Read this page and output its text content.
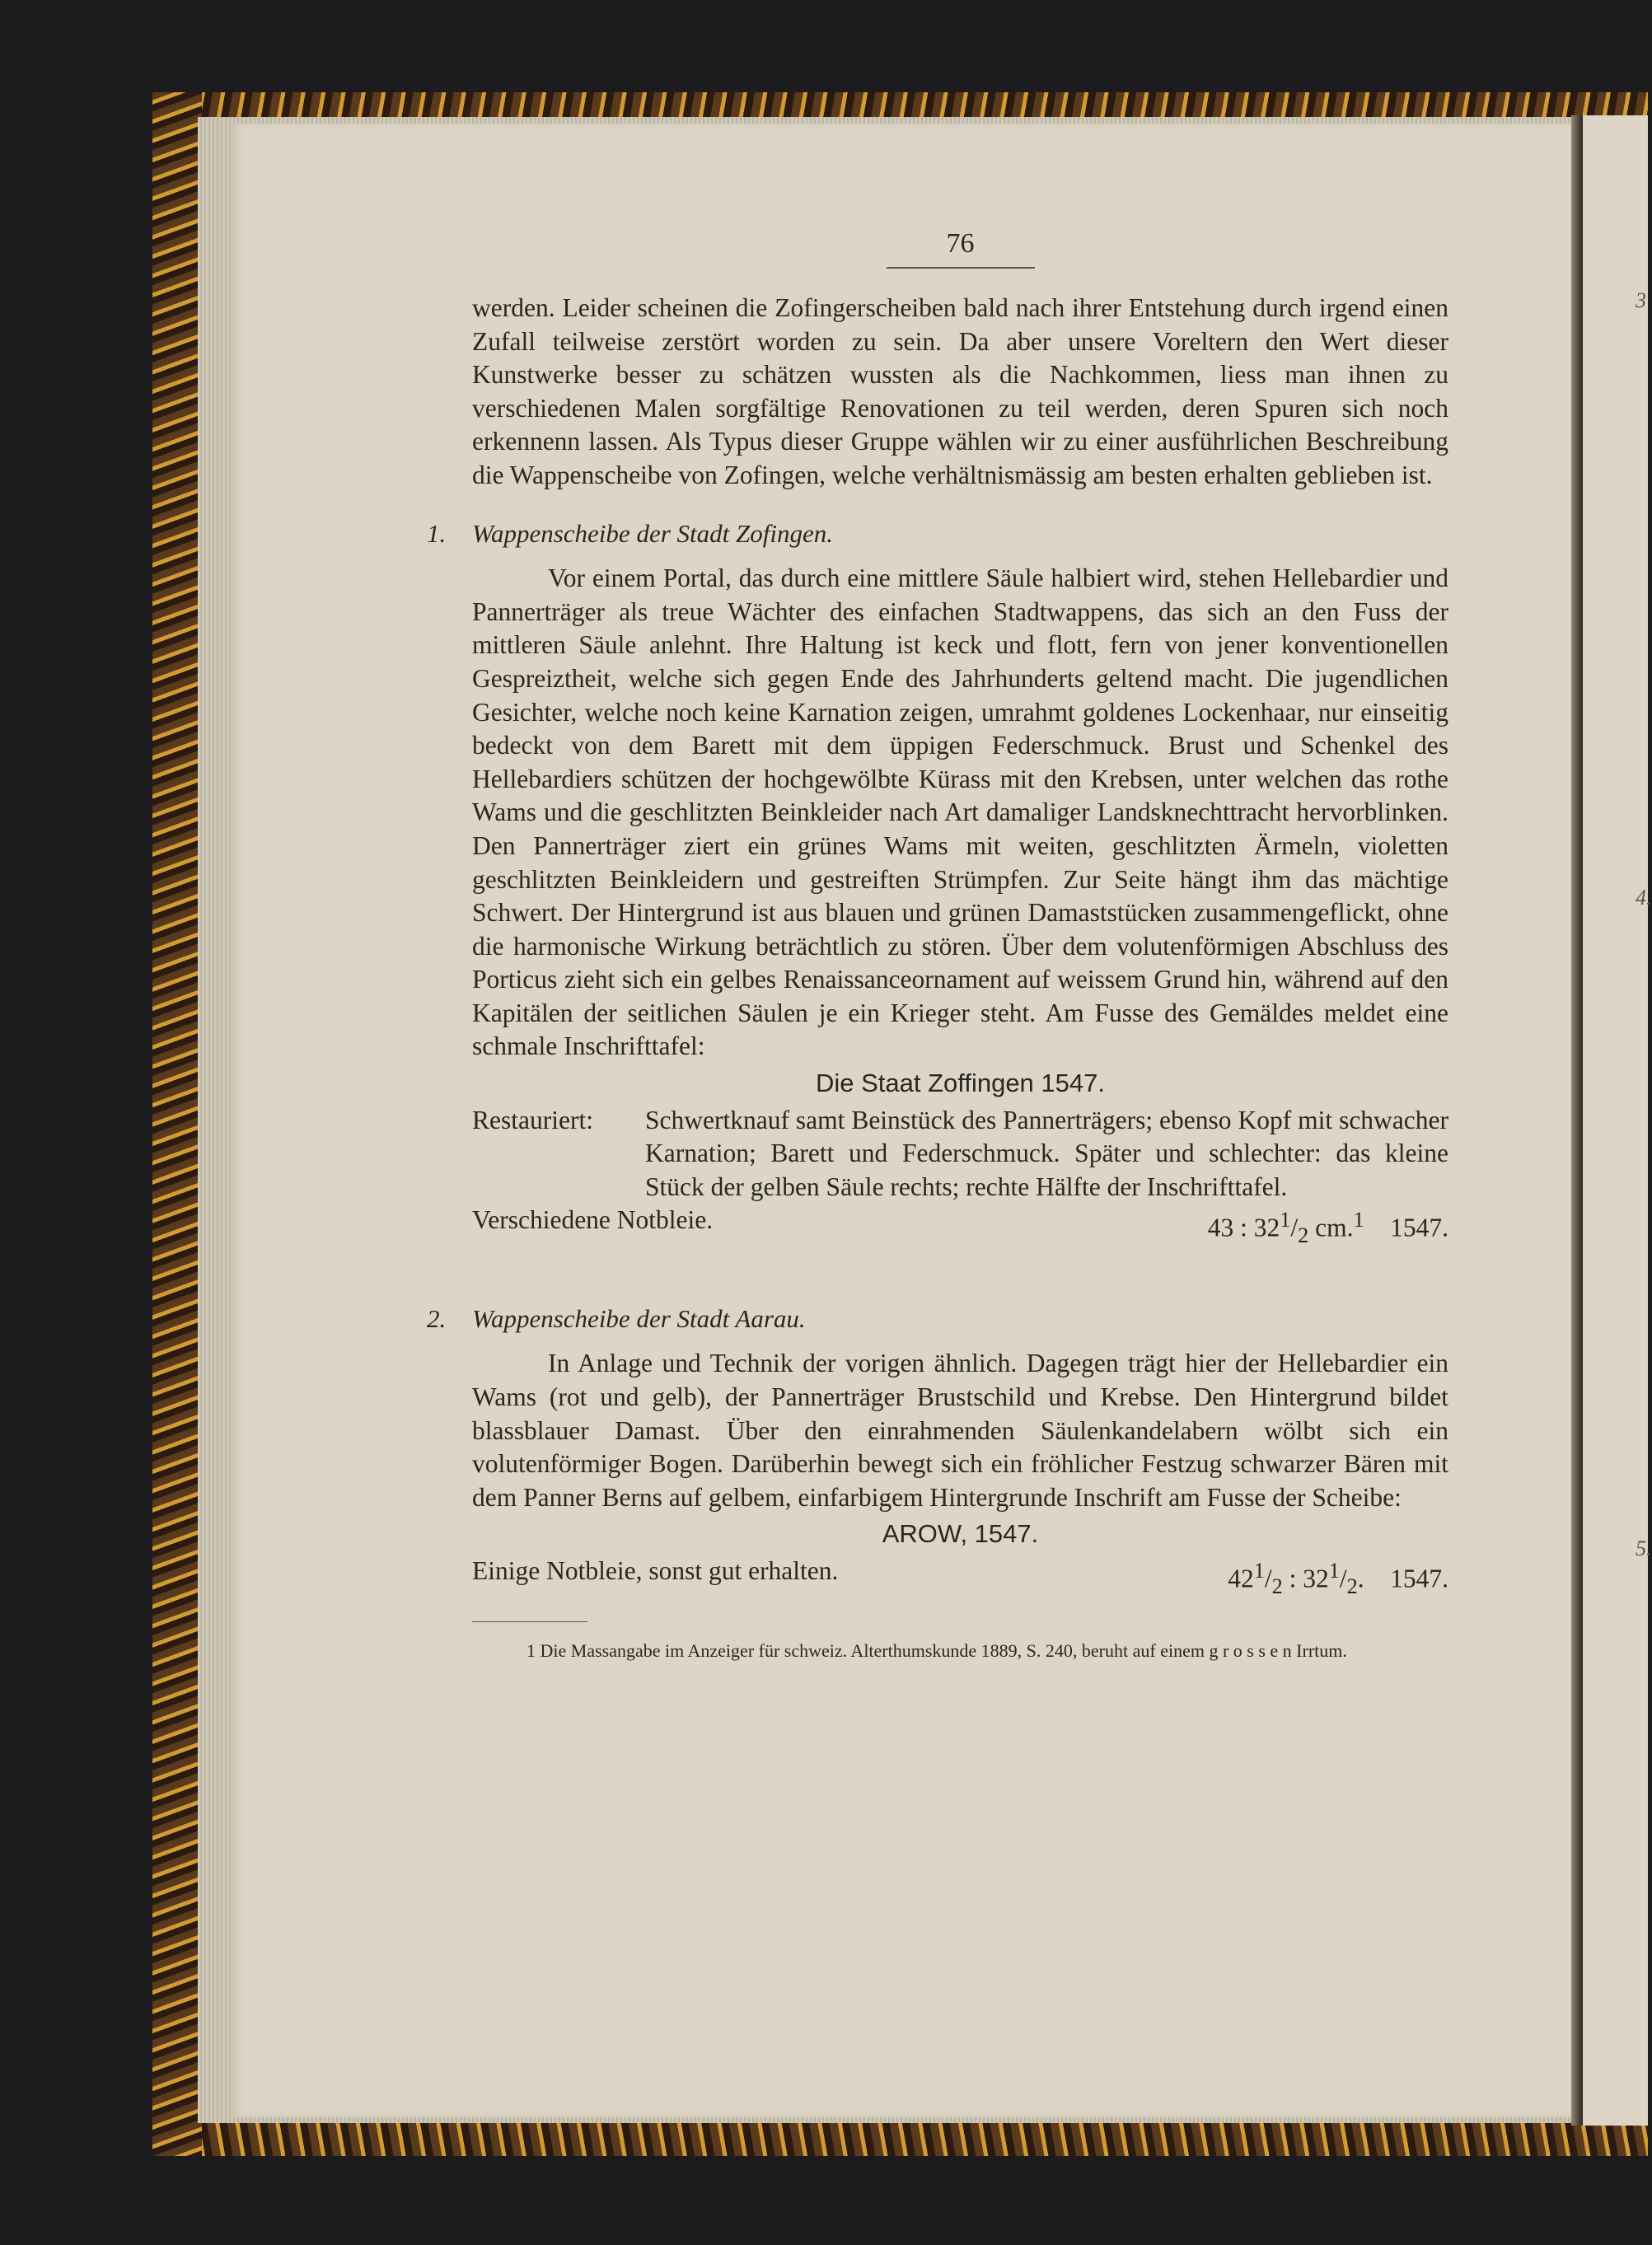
3
4.
5.
76

werden. Leider scheinen die Zofingerscheiben bald nach ihrer Entstehung durch irgend einen Zufall teilweise zerstört worden zu sein. Da aber unsere Voreltern den Wert dieser Kunstwerke besser zu schätzen wussten als die Nachkommen, liess man ihnen zu verschiedenen Malen sorgfältige Renovationen zu teil werden, deren Spuren sich noch erkennenn lassen. Als Typus dieser Gruppe wählen wir zu einer ausführlichen Beschreibung die Wappenscheibe von Zofingen, welche verhältnismässig am besten erhalten geblieben ist.

1. Wappenscheibe der Stadt Zofingen.

Vor einem Portal, das durch eine mittlere Säule halbiert wird, stehen Hellebardier und Pannerträger als treue Wächter des einfachen Stadtwappens, das sich an den Fuss der mittleren Säule anlehnt. Ihre Haltung ist keck und flott, fern von jener konventionellen Gespreiztheit, welche sich gegen Ende des Jahrhunderts geltend macht. Die jugendlichen Gesichter, welche noch keine Karnation zeigen, umrahmt goldenes Lockenhaar, nur einseitig bedeckt von dem Barett mit dem üppigen Federschmuck. Brust und Schenkel des Hellebardiers schützen der hochgewölbte Kürass mit den Krebsen, unter welchen das rothe Wams und die geschlitzten Beinkleider nach Art damaliger Landsknechttracht hervorblinken. Den Pannerträger ziert ein grünes Wams mit weiten, geschlitzten Ärmeln, violetten geschlitzten Beinkleidern und gestreiften Strümpfen. Zur Seite hängt ihm das mächtige Schwert. Der Hintergrund ist aus blauen und grünen Damaststücken zusammengeflickt, ohne die harmonische Wirkung beträchtlich zu stören. Über dem volutenförmigen Abschluss des Porticus zieht sich ein gelbes Renaissanceornament auf weissem Grund hin, während auf den Kapitälen der seitlichen Säulen je ein Krieger steht. Am Fusse des Gemäldes meldet eine schmale Inschrifttafel:

Die Staat Zoffingen 1547.
Restauriert:	Schwertknauf samt Beinstück des Pannerträgers; ebenso Kopf mit schwacher Karnation; Barett und Federschmuck. Später und schlechter: das kleine Stück der gelben Säule rechts; rechte Hälfte der Inschrifttafel.
Verschiedene Notbleie.	43 : $32^1/_2$ cm.$^1$ 1547.
2. Wappenscheibe der Stadt Aarau.

In Anlage und Technik der vorigen ähnlich. Dagegen trägt hier der Hellebardier ein Wams (rot und gelb), der Pannerträger Brustschild und Krebse. Den Hintergrund bildet blassblauer Damast. Über den einrahmenden Säulenkandelabern wölbt sich ein volutenförmiger Bogen. Darüberhin bewegt sich ein fröhlicher Festzug schwarzer Bären mit dem Panner Berns auf gelbem, einfarbigem Hintergrunde Inschrift am Fusse der Scheibe:

AROW, 1547.
Einige Notbleie, sonst gut erhalten.	$42^1/_2$ : $32^1/_2$. 1547.

1 Die Massangabe im Anzeiger für schweiz. Alterthumskunde 1889, S. 240, beruht auf einem g r o s s e n Irrtum.
